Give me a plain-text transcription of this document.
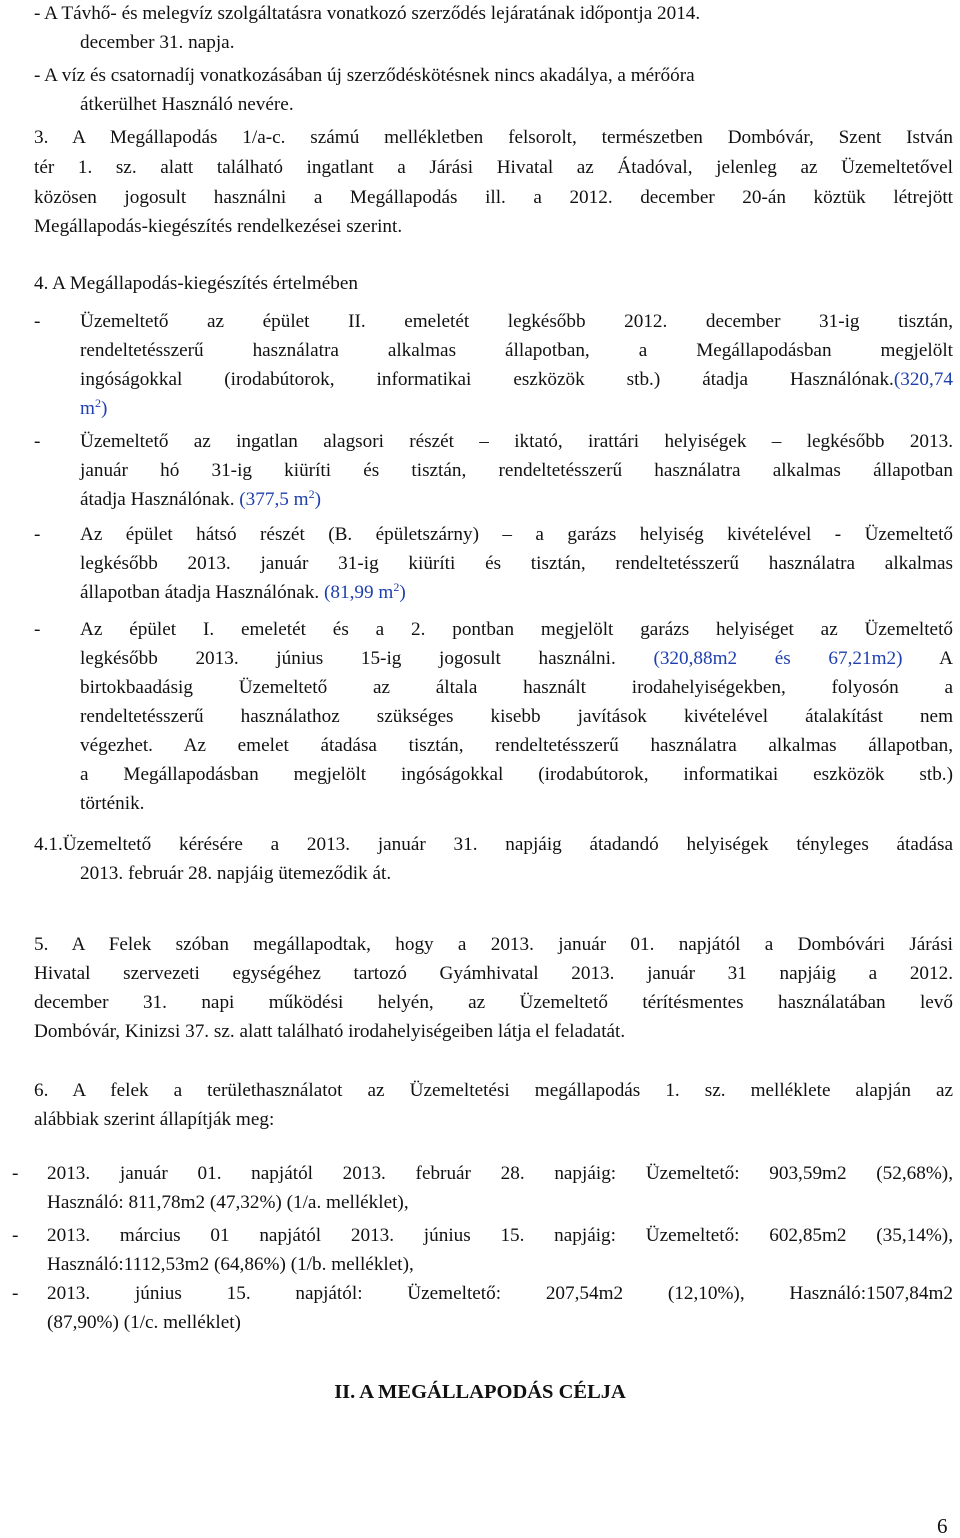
- A Távhő- és melegvíz szolgáltatásra vonatkozó szerződés lejáratának időpontja 2014.

december 31. napja.

- A víz és csatornadíj vonatkozásában új szerződéskötésnek nincs akadálya, a mérőóra

átkerülhet Használó nevére.

3. A Megállapodás 1/a-c. számú mellékletben felsorolt, természetben Dombóvár, Szent István

tér 1. sz. alatt található ingatlant a Járási Hivatal az Átadóval, jelenleg az Üzemeltetővel

közösen jogosult használni a Megállapodás ill. a 2012. december 20-án köztük létrejött

Megállapodás-kiegészítés rendelkezései szerint.

4. A Megállapodás-kiegészítés értelmében

- Üzemeltető az épület II. emeletét legkésőbb 2012. december 31-ig tisztán,

rendeltetésszerű használatra alkalmas állapotban, a Megállapodásban megjelölt

ingóságokkal (irodabútorok, informatikai eszközök stb.) átadja Használónak.(320,74

$m^2$)

- Üzemeltető az ingatlan alagsori részét – iktató, irattári helyiségek – legkésőbb 2013.

január hó 31-ig kiüríti és tisztán, rendeltetésszerű használatra alkalmas állapotban

átadja Használónak. (377,5 $m^2$)

- Az épület hátsó részét (B. épületszárny) – a garázs helyiség kivételével - Üzemeltető

legkésőbb 2013. január 31-ig kiüríti és tisztán, rendeltetésszerű használatra alkalmas

állapotban átadja Használónak. (81,99 $m^2$)

- Az épület I. emeletét és a 2. pontban megjelölt garázs helyiséget az Üzemeltető

legkésőbb 2013. június 15-ig jogosult használni. (320,88m2 és 67,21m2) A

birtokbaadásig Üzemeltető az általa használt irodahelyiségekben, folyosón a

rendeltetésszerű használathoz szükséges kisebb javítások kivételével átalakítást nem

végezhet. Az emelet átadása tisztán, rendeltetésszerű használatra alkalmas állapotban,

a Megállapodásban megjelölt ingóságokkal (irodabútorok, informatikai eszközök stb.)

történik.

4.1.Üzemeltető kérésére a 2013. január 31. napjáig átadandó helyiségek tényleges átadása

2013. február 28. napjáig ütemeződik át.

5. A Felek szóban megállapodtak, hogy a 2013. január 01. napjától a Dombóvári Járási

Hivatal szervezeti egységéhez tartozó Gyámhivatal 2013. január 31 napjáig a 2012.

december 31. napi működési helyén, az Üzemeltető térítésmentes használatában levő

Dombóvár, Kinizsi 37. sz. alatt található irodahelyiségeiben látja el feladatát.

6. A felek a területhasználatot az Üzemeltetési megállapodás 1. sz. melléklete alapján az

alábbiak szerint állapítják meg:

- 2013. január 01. napjától 2013. február 28. napjáig: Üzemeltető: 903,59m2 (52,68%),

Használó: 811,78m2 (47,32%) (1/a. melléklet),

- 2013. március 01 napjától 2013. június 15. napjáig: Üzemeltető: 602,85m2 (35,14%),

Használó:1112,53m2 (64,86%) (1/b. melléklet),

- 2013. június 15. napjától: Üzemeltető: 207,54m2 (12,10%), Használó:1507,84m2

(87,90%) (1/c. melléklet)

II. A MEGÁLLAPODÁS CÉLJA

6
